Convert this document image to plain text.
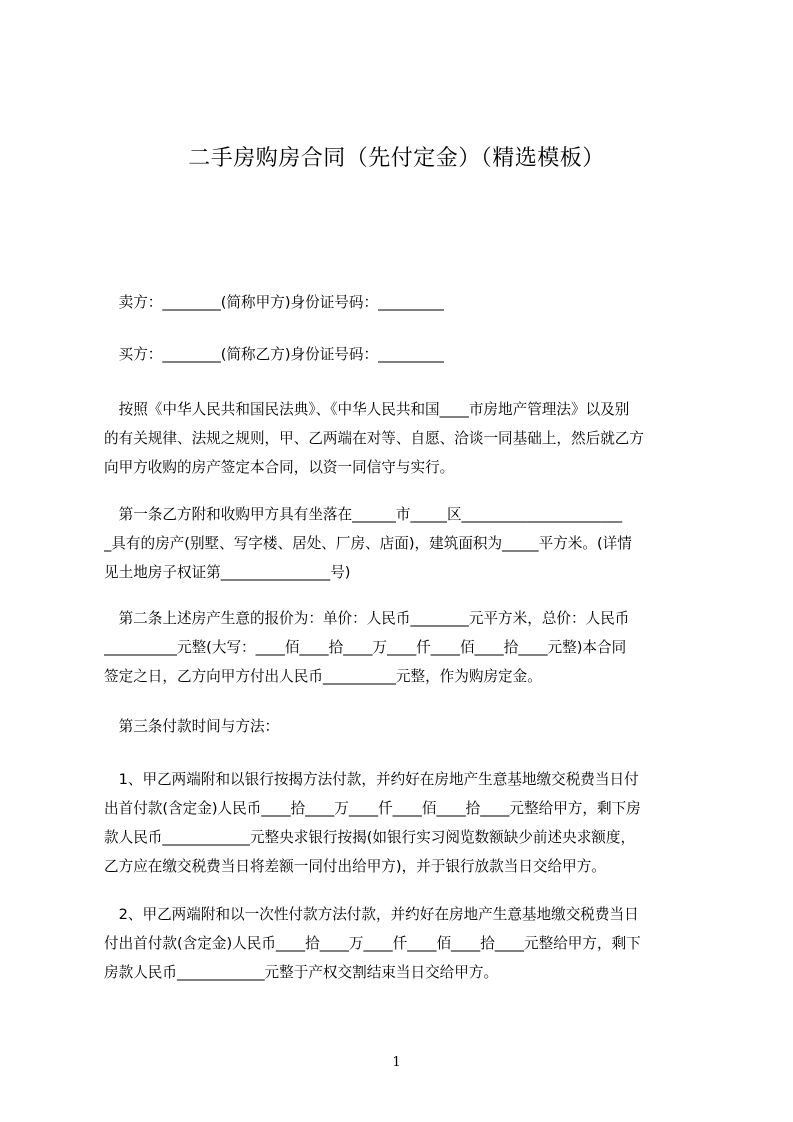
二手房购房合同（先付定金）（精选模板）
　卖方：________(简称甲方)身份证号码：_________
　买方：________(简称乙方)身份证号码：_________
　按照《中华人民共和国民法典》、《中华人民共和国____市房地产管理法》以及别
的有关规律、法规之规则，甲、乙两端在对等、自愿、洽谈一同基础上，然后就乙方
向甲方收购的房产签定本合同，以资一同信守与实行。
　第一条乙方附和收购甲方具有坐落在______市_____区______________________
_具有的房产(别墅、写字楼、居处、厂房、店面)，建筑面积为_____平方米。(详情
见土地房子权证第_______________号)
　第二条上述房产生意的报价为：单价：人民币________元平方米，总价：人民币
__________元整(大写：____佰____拾____万____仟____佰____拾____元整)本合同
签定之日，乙方向甲方付出人民币__________元整，作为购房定金。
　第三条付款时间与方法：
　1、甲乙两端附和以银行按揭方法付款，并约好在房地产生意基地缴交税费当日付
出首付款(含定金)人民币____拾____万____仟____佰____拾____元整给甲方，剩下房
款人民币____________元整央求银行按揭(如银行实习阅览数额缺少前述央求额度，
乙方应在缴交税费当日将差额一同付出给甲方)，并于银行放款当日交给甲方。
　2、甲乙两端附和以一次性付款方法付款，并约好在房地产生意基地缴交税费当日
付出首付款(含定金)人民币____拾____万____仟____佰____拾____元整给甲方，剩下
房款人民币____________元整于产权交割结束当日交给甲方。
1
